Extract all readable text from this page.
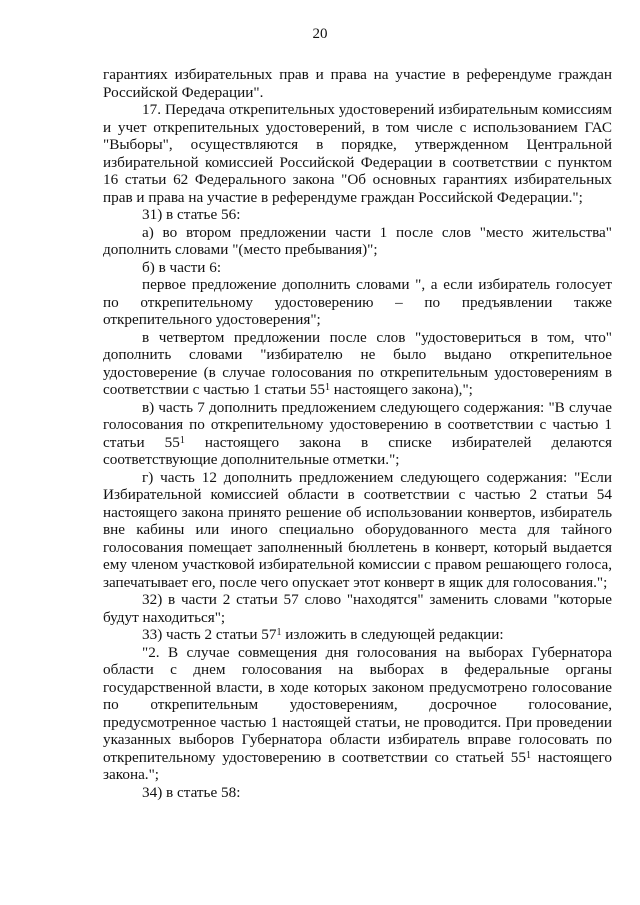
20

гарантиях избирательных прав и права на участие в референдуме граждан Российской Федерации".

17. Передача открепительных удостоверений избирательным комиссиям и учет открепительных удостоверений, в том числе с использованием ГАС "Выборы", осуществляются в порядке, утвержденном Центральной избирательной комиссией Российской Федерации в соответствии с пунктом 16 статьи 62 Федерального закона "Об основных гарантиях избирательных прав и права на участие в референдуме граждан Российской Федерации.";

31) в статье 56:

а) во втором предложении части 1 после слов "место жительства" дополнить словами "(место пребывания)";

б) в части 6:

первое предложение дополнить словами ", а если избиратель голосует по открепительному удостоверению – по предъявлении также открепительного удостоверения";

в четвертом предложении после слов "удостовериться в том, что" дополнить словами "избирателю не было выдано открепительное удостоверение (в случае голосования по открепительным удостоверениям в соответствии с частью 1 статьи $55^1$ настоящего закона),";

в) часть 7 дополнить предложением следующего содержания: "В случае голосования по открепительному удостоверению в соответствии с частью 1 статьи $55^1$ настоящего закона в списке избирателей делаются соответствующие дополнительные отметки.";

г) часть 12 дополнить предложением следующего содержания: "Если Избирательной комиссией области в соответствии с частью 2 статьи 54 настоящего закона принято решение об использовании конвертов, избиратель вне кабины или иного специально оборудованного места для тайного голосования помещает заполненный бюллетень в конверт, который выдается ему членом участковой избирательной комиссии с правом решающего голоса, запечатывает его, после чего опускает этот конверт в ящик для голосования.";

32) в части 2 статьи 57 слово "находятся" заменить словами "которые будут находиться";

33) часть 2 статьи $57^1$ изложить в следующей редакции:

"2. В случае совмещения дня голосования на выборах Губернатора области с днем голосования на выборах в федеральные органы государственной власти, в ходе которых законом предусмотрено голосование по открепительным удостоверениям, досрочное голосование, предусмотренное частью 1 настоящей статьи, не проводится. При проведении указанных выборов Губернатора области избиратель вправе голосовать по открепительному удостоверению в соответствии со статьей $55^1$ настоящего закона.";

34) в статье 58:
